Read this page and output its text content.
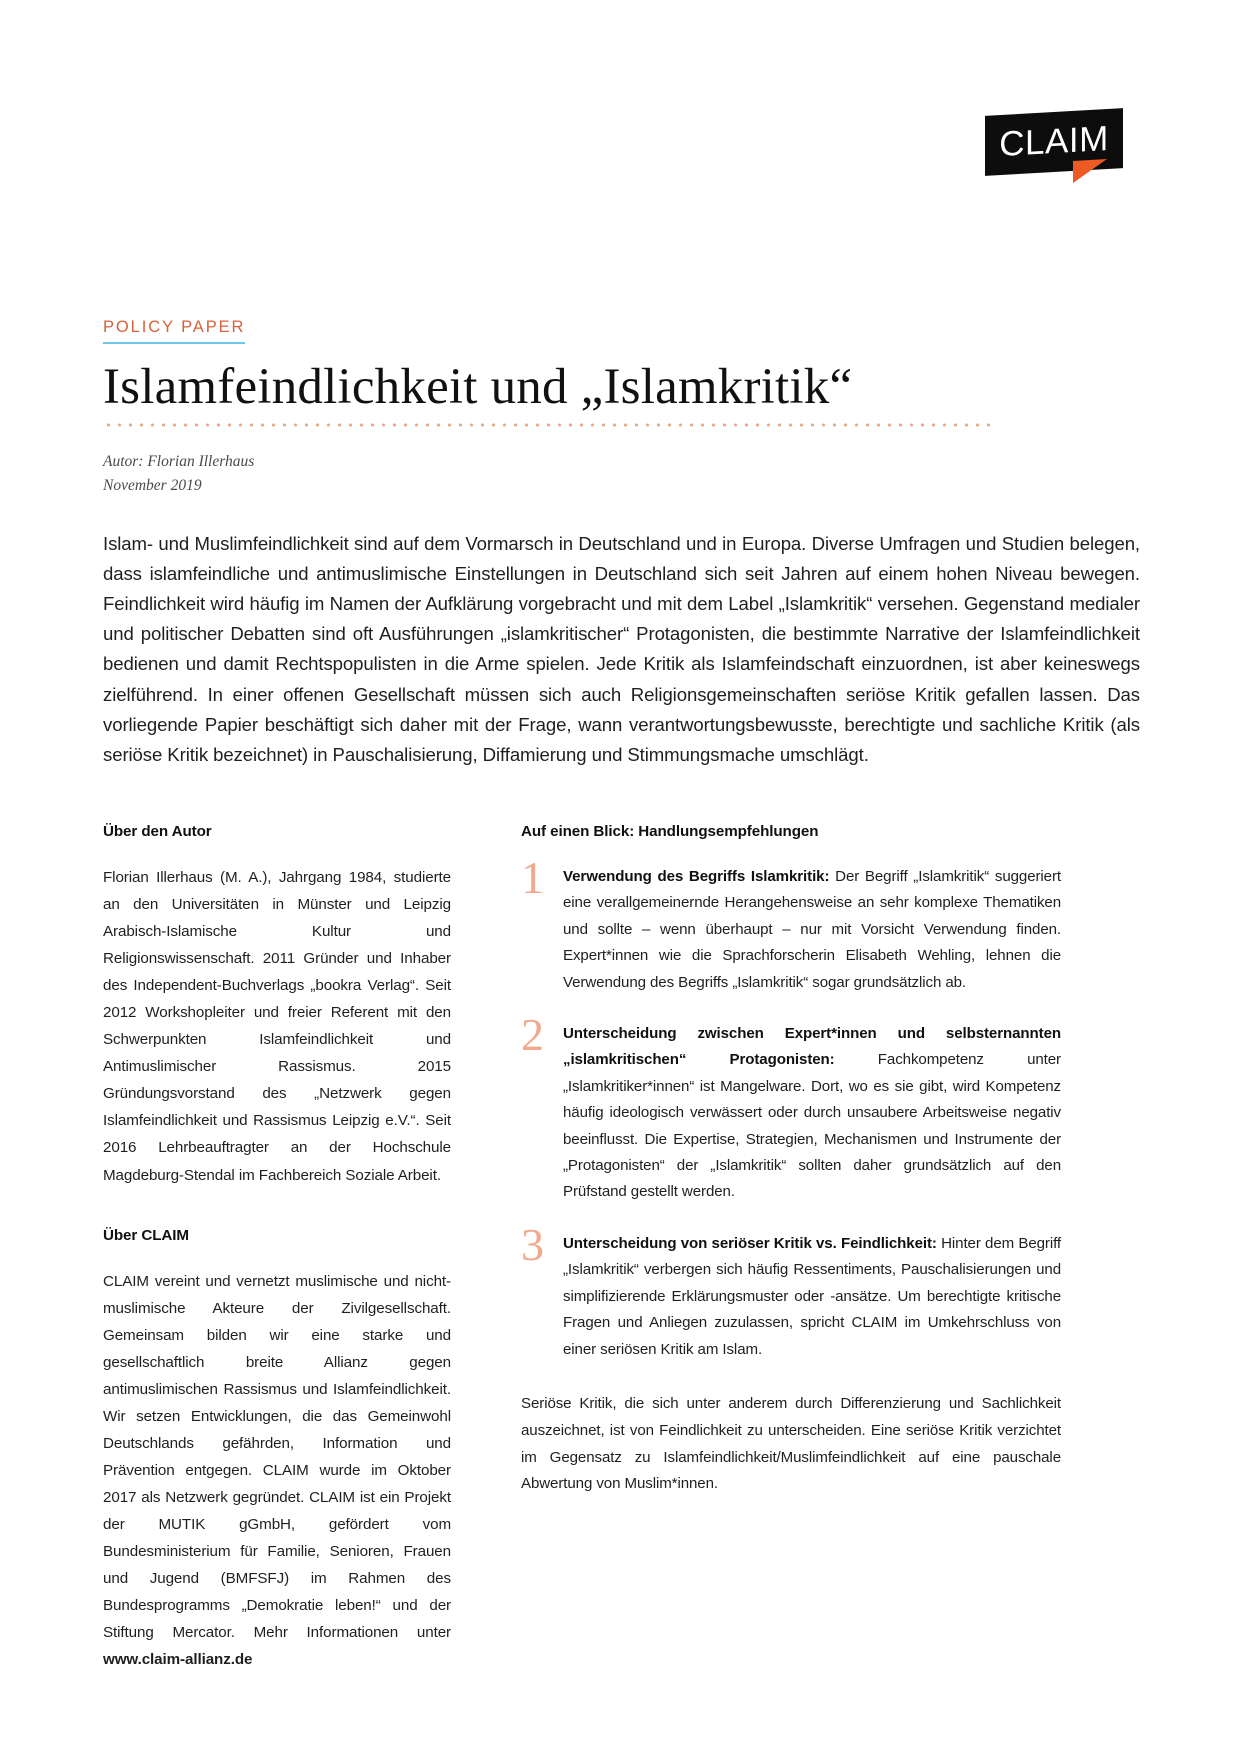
CLAIM
POLICY PAPER
Islamfeindlichkeit und „Islamkritik“
Autor: Florian Illerhaus
November 2019
Islam- und Muslimfeindlichkeit sind auf dem Vormarsch in Deutschland und in Europa. Diverse Umfragen und Studien belegen, dass islamfeindliche und antimuslimische Einstellungen in Deutschland sich seit Jahren auf einem hohen Niveau bewegen. Feindlichkeit wird häufig im Namen der Aufklärung vorgebracht und mit dem Label „Islamkritik“ versehen. Gegenstand medialer und politischer Debatten sind oft Ausführungen „islamkritischer“ Protagonisten, die bestimmte Narrative der Islamfeindlichkeit bedienen und damit Rechtspopulisten in die Arme spielen. Jede Kritik als Islamfeindschaft einzuordnen, ist aber keineswegs zielführend. In einer offenen Gesellschaft müssen sich auch Religionsgemeinschaften seriöse Kritik gefallen lassen. Das vorliegende Papier beschäftigt sich daher mit der Frage, wann verantwortungsbewusste, berechtigte und sachliche Kritik (als seriöse Kritik bezeichnet) in Pauschalisierung, Diffamierung und Stimmungsmache umschlägt.
Über den Autor

Florian Illerhaus (M. A.), Jahrgang 1984, studierte an den Universitäten in Münster und Leipzig Arabisch-Islamische Kultur und Religionswissenschaft. 2011 Gründer und Inhaber des Independent-Buchverlags „bookra Verlag“. Seit 2012 Workshopleiter und freier Referent mit den Schwerpunkten Islamfeindlichkeit und Antimuslimischer Rassismus. 2015 Gründungsvorstand des „Netzwerk gegen Islamfeindlichkeit und Rassismus Leipzig e.V.“. Seit 2016 Lehrbeauftragter an der Hochschule Magdeburg-Stendal im Fachbereich Soziale Arbeit.

Über CLAIM

CLAIM vereint und vernetzt muslimische und nicht-muslimische Akteure der Zivilgesellschaft. Gemeinsam bilden wir eine starke und gesellschaftlich breite Allianz gegen antimuslimischen Rassismus und Islamfeindlichkeit. Wir setzen Entwicklungen, die das Gemeinwohl Deutschlands gefährden, Information und Prävention entgegen. CLAIM wurde im Oktober 2017 als Netzwerk gegründet. CLAIM ist ein Projekt der MUTIK gGmbH, gefördert vom Bundesministerium für Familie, Senioren, Frauen und Jugend (BMFSFJ) im Rahmen des Bundesprogramms „Demokratie leben!“ und der Stiftung Mercator. Mehr Informationen unter www.claim-allianz.de

Auf einen Blick: Handlungsempfehlungen
1	Verwendung des Begriffs Islamkritik: Der Begriff „Islamkritik“ suggeriert eine verallgemeinernde Herangehensweise an sehr komplexe Thematiken und sollte – wenn überhaupt – nur mit Vorsicht Verwendung finden. Expert*innen wie die Sprachforscherin Elisabeth Wehling, lehnen die Verwendung des Begriffs „Islamkritik“ sogar grundsätzlich ab.
2	Unterscheidung zwischen Expert*innen und selbsternannten „islamkritischen“ Protagonisten: Fachkompetenz unter „Islamkritiker*innen“ ist Mangelware. Dort, wo es sie gibt, wird Kompetenz häufig ideologisch verwässert oder durch unsaubere Arbeitsweise negativ beeinflusst. Die Expertise, Strategien, Mechanismen und Instrumente der „Protagonisten“ der „Islamkritik“ sollten daher grundsätzlich auf den Prüfstand gestellt werden.
3	Unterscheidung von seriöser Kritik vs. Feindlichkeit: Hinter dem Begriff „Islamkritik“ verbergen sich häufig Ressentiments, Pauschalisierungen und simplifizierende Erklärungsmuster oder -ansätze. Um berechtigte kritische Fragen und Anliegen zuzulassen, spricht CLAIM im Umkehrschluss von einer seriösen Kritik am Islam.

Seriöse Kritik, die sich unter anderem durch Differenzierung und Sachlichkeit auszeichnet, ist von Feindlichkeit zu unterscheiden. Eine seriöse Kritik verzichtet im Gegensatz zu Islamfeindlichkeit/Muslimfeindlichkeit auf eine pauschale Abwertung von Muslim*innen.
